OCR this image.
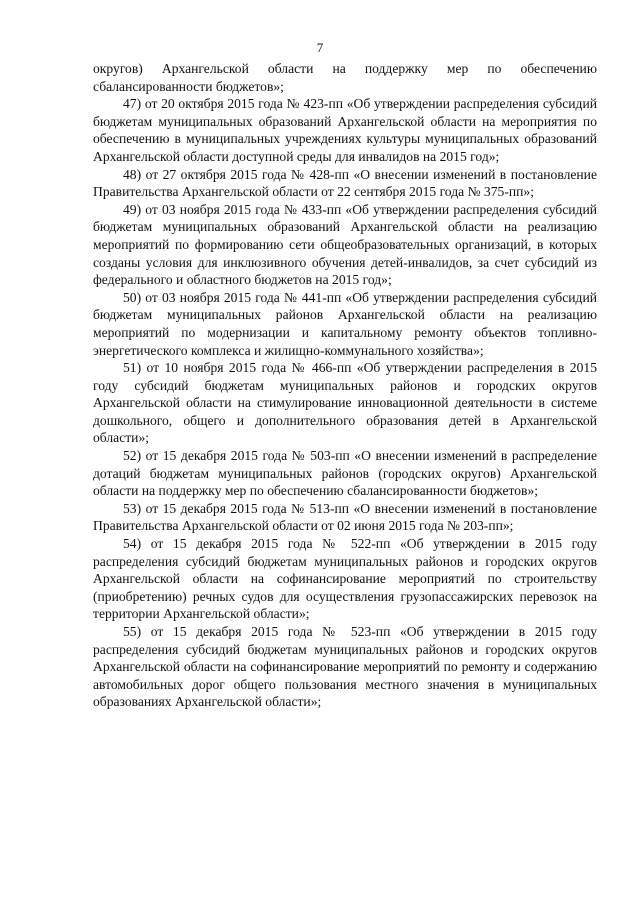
7

округов) Архангельской области на поддержку мер по обеспечению сбалансированности бюджетов»;

47) от 20 октября 2015 года № 423-пп «Об утверждении распределения субсидий бюджетам муниципальных образований Архангельской области на мероприятия по обеспечению в муниципальных учреждениях культуры муниципальных образований Архангельской области доступной среды для инвалидов на 2015 год»;

48) от 27 октября 2015 года № 428-пп «О внесении изменений в постановление Правительства Архангельской области от 22 сентября 2015 года № 375-пп»;

49) от 03 ноября 2015 года № 433-пп «Об утверждении распределения субсидий бюджетам муниципальных образований Архангельской области на реализацию мероприятий по формированию сети общеобразовательных организаций, в которых созданы условия для инклюзивного обучения детей-инвалидов, за счет субсидий из федерального и областного бюджетов на 2015 год»;

50) от 03 ноября 2015 года № 441-пп «Об утверждении распределения субсидий бюджетам муниципальных районов Архангельской области на реализацию мероприятий по модернизации и капитальному ремонту объектов топливно-энергетического комплекса и жилищно-коммунального хозяйства»;

51) от 10 ноября 2015 года № 466-пп «Об утверждении распределения в 2015 году субсидий бюджетам муниципальных районов и городских округов Архангельской области на стимулирование инновационной деятельности в системе дошкольного, общего и дополнительного образования детей в Архангельской области»;

52) от 15 декабря 2015 года № 503-пп «О внесении изменений в распределение дотаций бюджетам муниципальных районов (городских округов) Архангельской области на поддержку мер по обеспечению сбалансированности бюджетов»;

53) от 15 декабря 2015 года № 513-пп «О внесении изменений в постановление Правительства Архангельской области от 02 июня 2015 года № 203-пп»;

54) от 15 декабря 2015 года № 522-пп «Об утверждении в 2015 году распределения субсидий бюджетам муниципальных районов и городских округов Архангельской области на софинансирование мероприятий по строительству (приобретению) речных судов для осуществления грузопассажирских перевозок на территории Архангельской области»;

55) от 15 декабря 2015 года № 523-пп «Об утверждении в 2015 году распределения субсидий бюджетам муниципальных районов и городских округов Архангельской области на софинансирование мероприятий по ремонту и содержанию автомобильных дорог общего пользования местного значения в муниципальных образованиях Архангельской области»;
